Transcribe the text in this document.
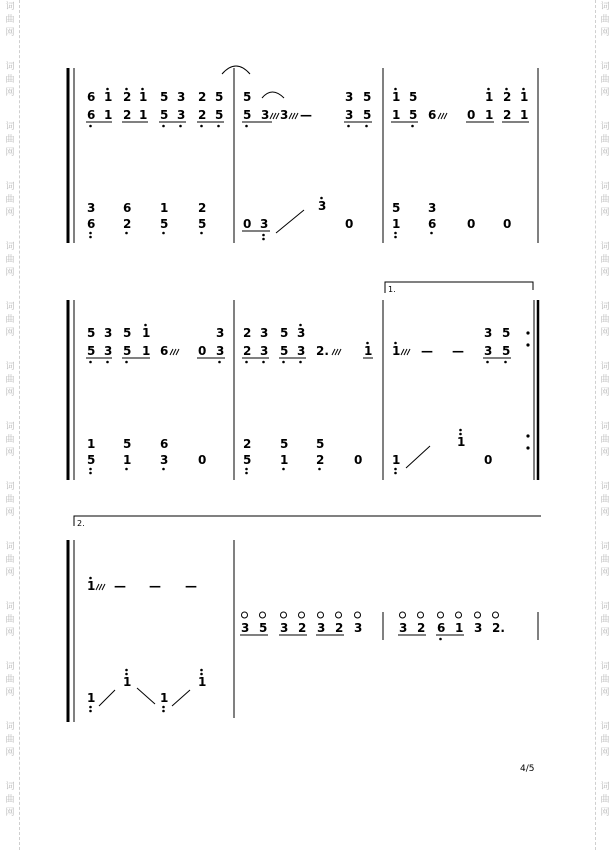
词
曲
网
词
曲
网
词
曲
网
词
曲
网
词
曲
网
词
曲
网
词
曲
网
词
曲
网
词
曲
网
词
曲
网
词
曲
网
词
曲
网
词
曲
网
词
曲
网
词
曲
网
词
曲
网
词
曲
网
词
曲
网
词
曲
网
词
曲
网
词
曲
网
词
曲
网
词
曲
网
词
曲
网
词
曲
网
词
曲
网
词
曲
网
词
曲
网
6 1 2 1 5 3 2 5
6 1 2 1 5 3 2 5
3 6 1 2
6 2 5 5
5	3 5
5 3 3 —	3 5
3
0 3	0
1 5	1 2 1
1 5 6	0 1 2 1
5 3
1 6	0 0
1.
5 3 5 1	3
5 3 5 1 6 0 3
1 5 6
5 1 3 0
2 3 5 3
2 3 5 3 2.	1
2 5 5
5 1 2 0
3 5
1 — — 3 5
1
1	0
2.
1 — — —
1	1
1	1
3 5 3 2 3 2 3	3 2 6 1 3 2.
4/5
